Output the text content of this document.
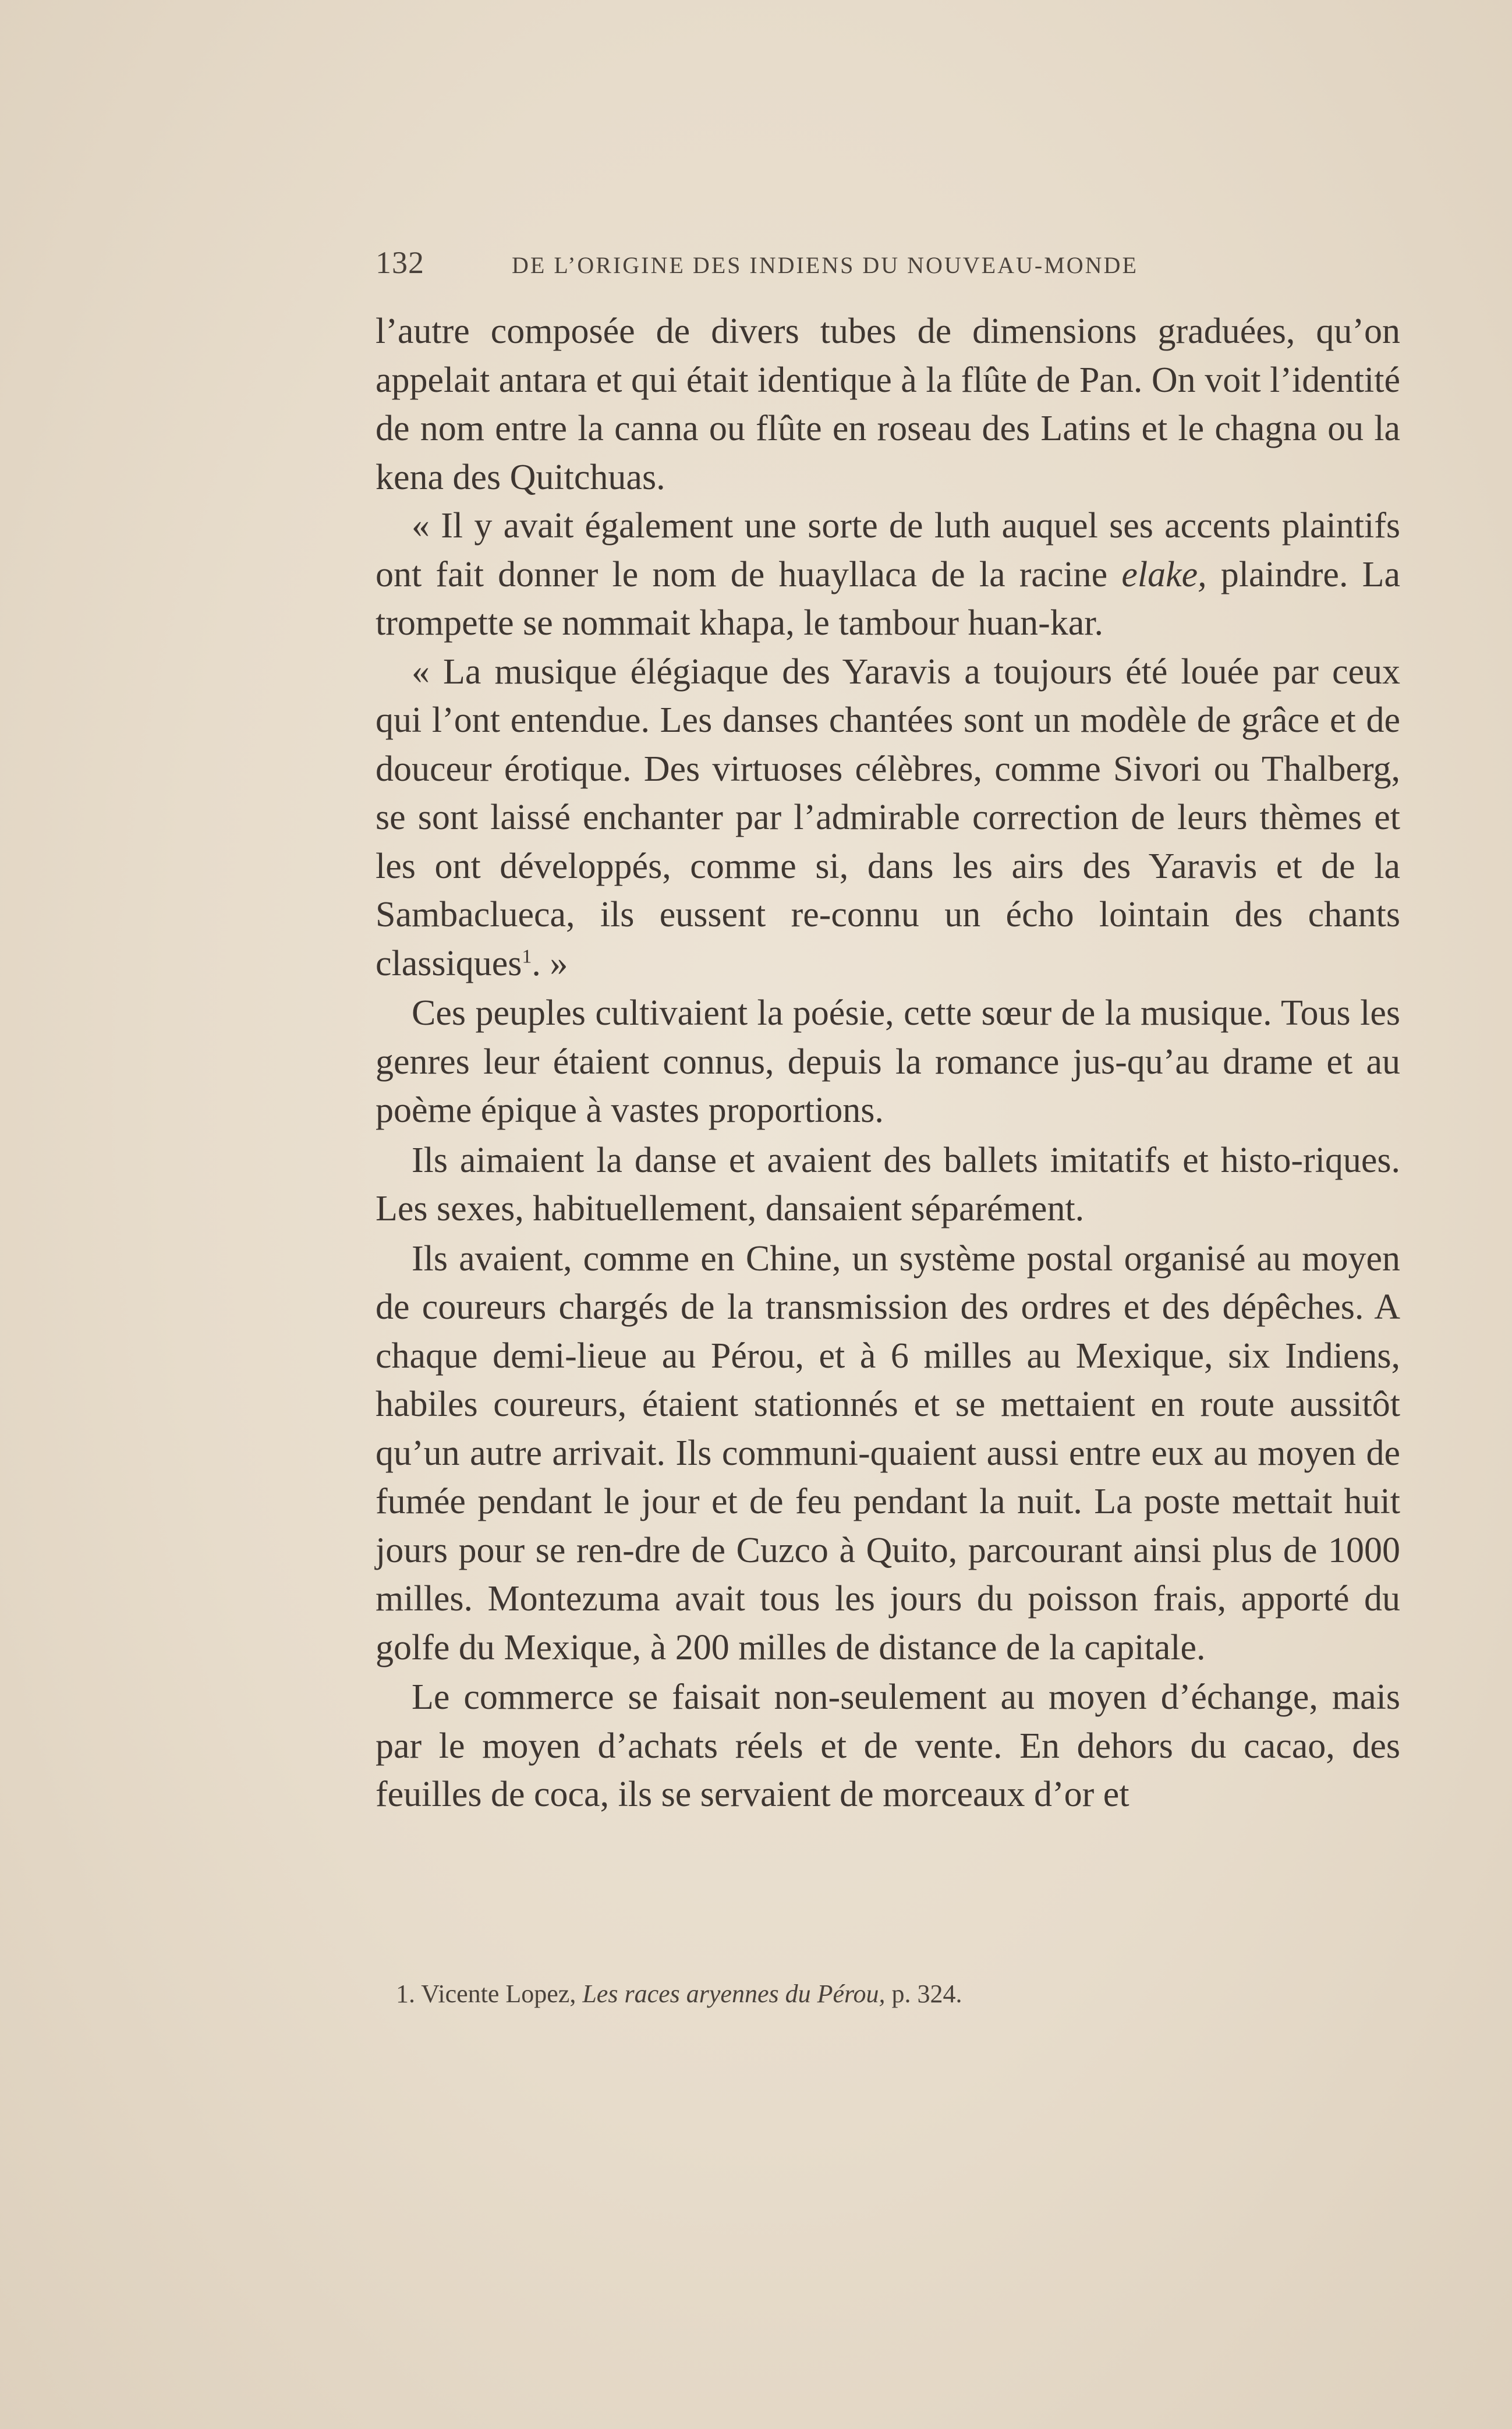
132	DE L’ORIGINE DES INDIENS DU NOUVEAU-MONDE

l’autre composée de divers tubes de dimensions graduées, qu’on appelait antara et qui était identique à la flûte de Pan. On voit l’identité de nom entre la canna ou flûte en roseau des Latins et le chagna ou la kena des Quitchuas.

« Il y avait également une sorte de luth auquel ses accents plaintifs ont fait donner le nom de huayllaca de la racine elake, plaindre. La trompette se nommait khapa, le tambour huan-kar.

« La musique élégiaque des Yaravis a toujours été louée par ceux qui l’ont entendue. Les danses chantées sont un modèle de grâce et de douceur érotique. Des virtuoses célèbres, comme Sivori ou Thalberg, se sont laissé enchanter par l’admirable correction de leurs thèmes et les ont développés, comme si, dans les airs des Yaravis et de la Sambaclueca, ils eussent re-connu un écho lointain des chants classiques$^1$. »

Ces peuples cultivaient la poésie, cette sœur de la musique. Tous les genres leur étaient connus, depuis la romance jus-qu’au drame et au poème épique à vastes proportions.

Ils aimaient la danse et avaient des ballets imitatifs et histo-riques. Les sexes, habituellement, dansaient séparément.

Ils avaient, comme en Chine, un système postal organisé au moyen de coureurs chargés de la transmission des ordres et des dépêches. A chaque demi-lieue au Pérou, et à 6 milles au Mexique, six Indiens, habiles coureurs, étaient stationnés et se mettaient en route aussitôt qu’un autre arrivait. Ils communi-quaient aussi entre eux au moyen de fumée pendant le jour et de feu pendant la nuit. La poste mettait huit jours pour se ren-dre de Cuzco à Quito, parcourant ainsi plus de 1000 milles. Montezuma avait tous les jours du poisson frais, apporté du golfe du Mexique, à 200 milles de distance de la capitale.

Le commerce se faisait non-seulement au moyen d’échange, mais par le moyen d’achats réels et de vente. En dehors du cacao, des feuilles de coca, ils se servaient de morceaux d’or et

1. Vicente Lopez, Les races aryennes du Pérou, p. 324.
